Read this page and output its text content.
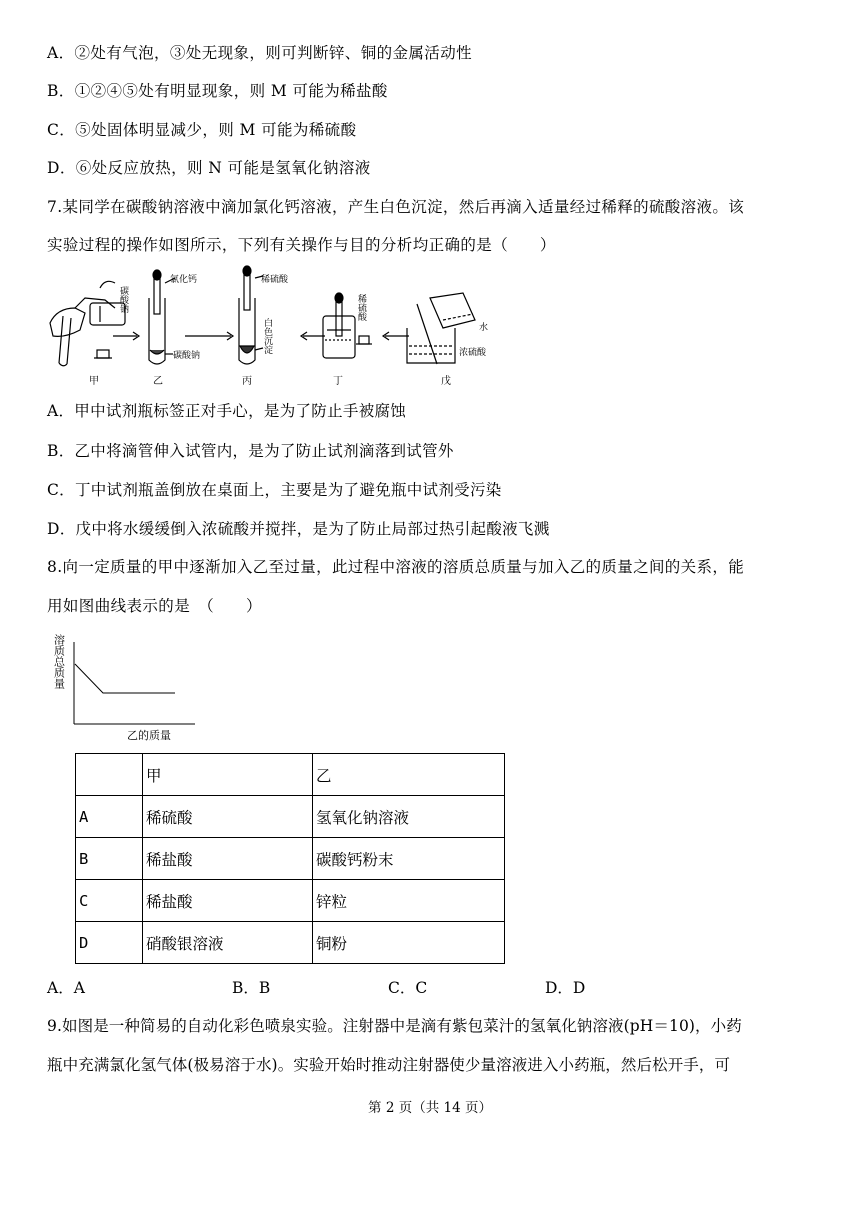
A．②处有气泡，③处无现象，则可判断锌、铜的金属活动性
B．①②④⑤处有明显现象，则 M 可能为稀盐酸
C．⑤处固体明显减少，则 M 可能为稀硫酸
D．⑥处反应放热，则 N 可能是氢氧化钠溶液
7.某同学在碳酸钠溶液中滴加氯化钙溶液，产生白色沉淀，然后再滴入适量经过稀释的硫酸溶液。该
实验过程的操作如图所示，下列有关操作与目的分析均正确的是（　　）
碳酸钠
氯化钙
碳酸钠
稀硫酸
白色沉淀
稀硫酸
水
浓硫酸
甲	乙	丙	丁	戊
A．甲中试剂瓶标签正对手心，是为了防止手被腐蚀
B．乙中将滴管伸入试管内，是为了防止试剂滴落到试管外
C．丁中试剂瓶盖倒放在桌面上，主要是为了避免瓶中试剂受污染
D．戊中将水缓缓倒入浓硫酸并搅拌，是为了防止局部过热引起酸液飞溅
8.向一定质量的甲中逐渐加入乙至过量，此过程中溶液的溶质总质量与加入乙的质量之间的关系，能
用如图曲线表示的是　（　　）
溶质总质量
乙的质量
	甲	乙
A	稀硫酸	氢氧化钠溶液
B	稀盐酸	碳酸钙粉末
C	稀盐酸	锌粒
D	硝酸银溶液	铜粉
A．A	B．B	C．C	D．D
9.如图是一种简易的自动化彩色喷泉实验。注射器中是滴有紫包菜汁的氢氧化钠溶液(pH＝10)，小药
瓶中充满氯化氢气体(极易溶于水)。实验开始时推动注射器使少量溶液进入小药瓶，然后松开手，可
第 2 页（共 14 页）
